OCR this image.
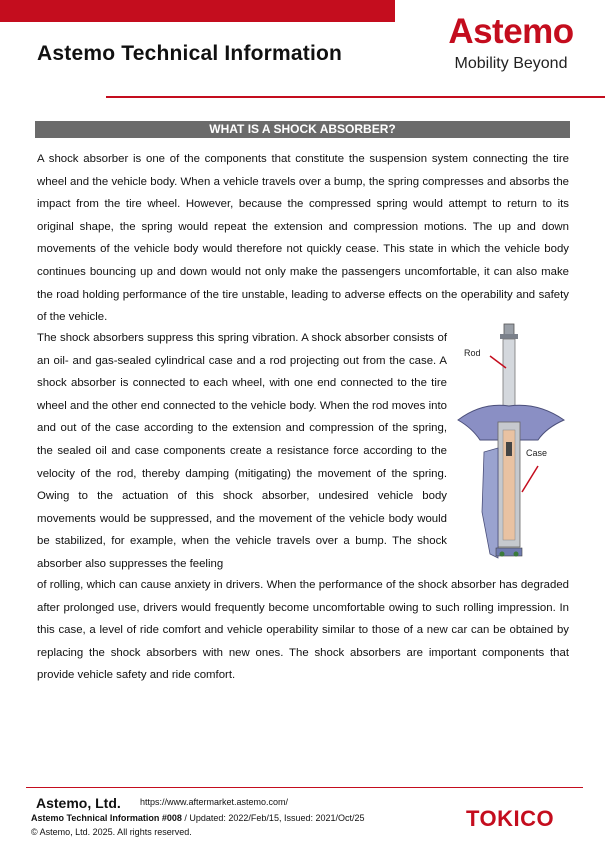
Astemo Technical Information
Astemo
Mobility Beyond
WHAT IS A SHOCK ABSORBER?

A shock absorber is one of the components that constitute the suspension system connecting the tire wheel and the vehicle body. When a vehicle travels over a bump, the spring compresses and absorbs the impact from the tire wheel. However, because the compressed spring would attempt to return to its original shape, the spring would repeat the extension and compression motions. The up and down movements of the vehicle body would therefore not quickly cease. This state in which the vehicle body continues bouncing up and down would not only make the passengers uncomfortable, it can also make the road holding performance of the tire unstable, leading to adverse effects on the operability and safety of the vehicle.

The shock absorbers suppress this spring vibration. A shock absorber consists of an oil- and gas-sealed cylindrical case and a rod projecting out from the case. A shock absorber is connected to each wheel, with one end connected to the tire wheel and the other end connected to the vehicle body. When the rod moves into and out of the case according to the extension and compression of the spring, the sealed oil and case components create a resistance force according to the velocity of the rod, thereby damping (mitigating) the movement of the spring. Owing to the actuation of this shock absorber, undesired vehicle body movements would be suppressed, and the movement of the vehicle body would be stabilized, for example, when the vehicle travels over a bump. The shock absorber also suppresses the feeling

Rod
Case

of rolling, which can cause anxiety in drivers. When the performance of the shock absorber has degraded after prolonged use, drivers would frequently become uncomfortable owing to such rolling impression. In this case, a level of ride comfort and vehicle operability similar to those of a new car can be obtained by replacing the shock absorbers with new ones. The shock absorbers are important components that provide vehicle safety and ride comfort.

Astemo, Ltd. https://www.aftermarket.astemo.com/
Astemo Technical Information #008 / Updated: 2022/Feb/15, Issued: 2021/Oct/25
© Astemo, Ltd. 2025. All rights reserved.
TOKICO
